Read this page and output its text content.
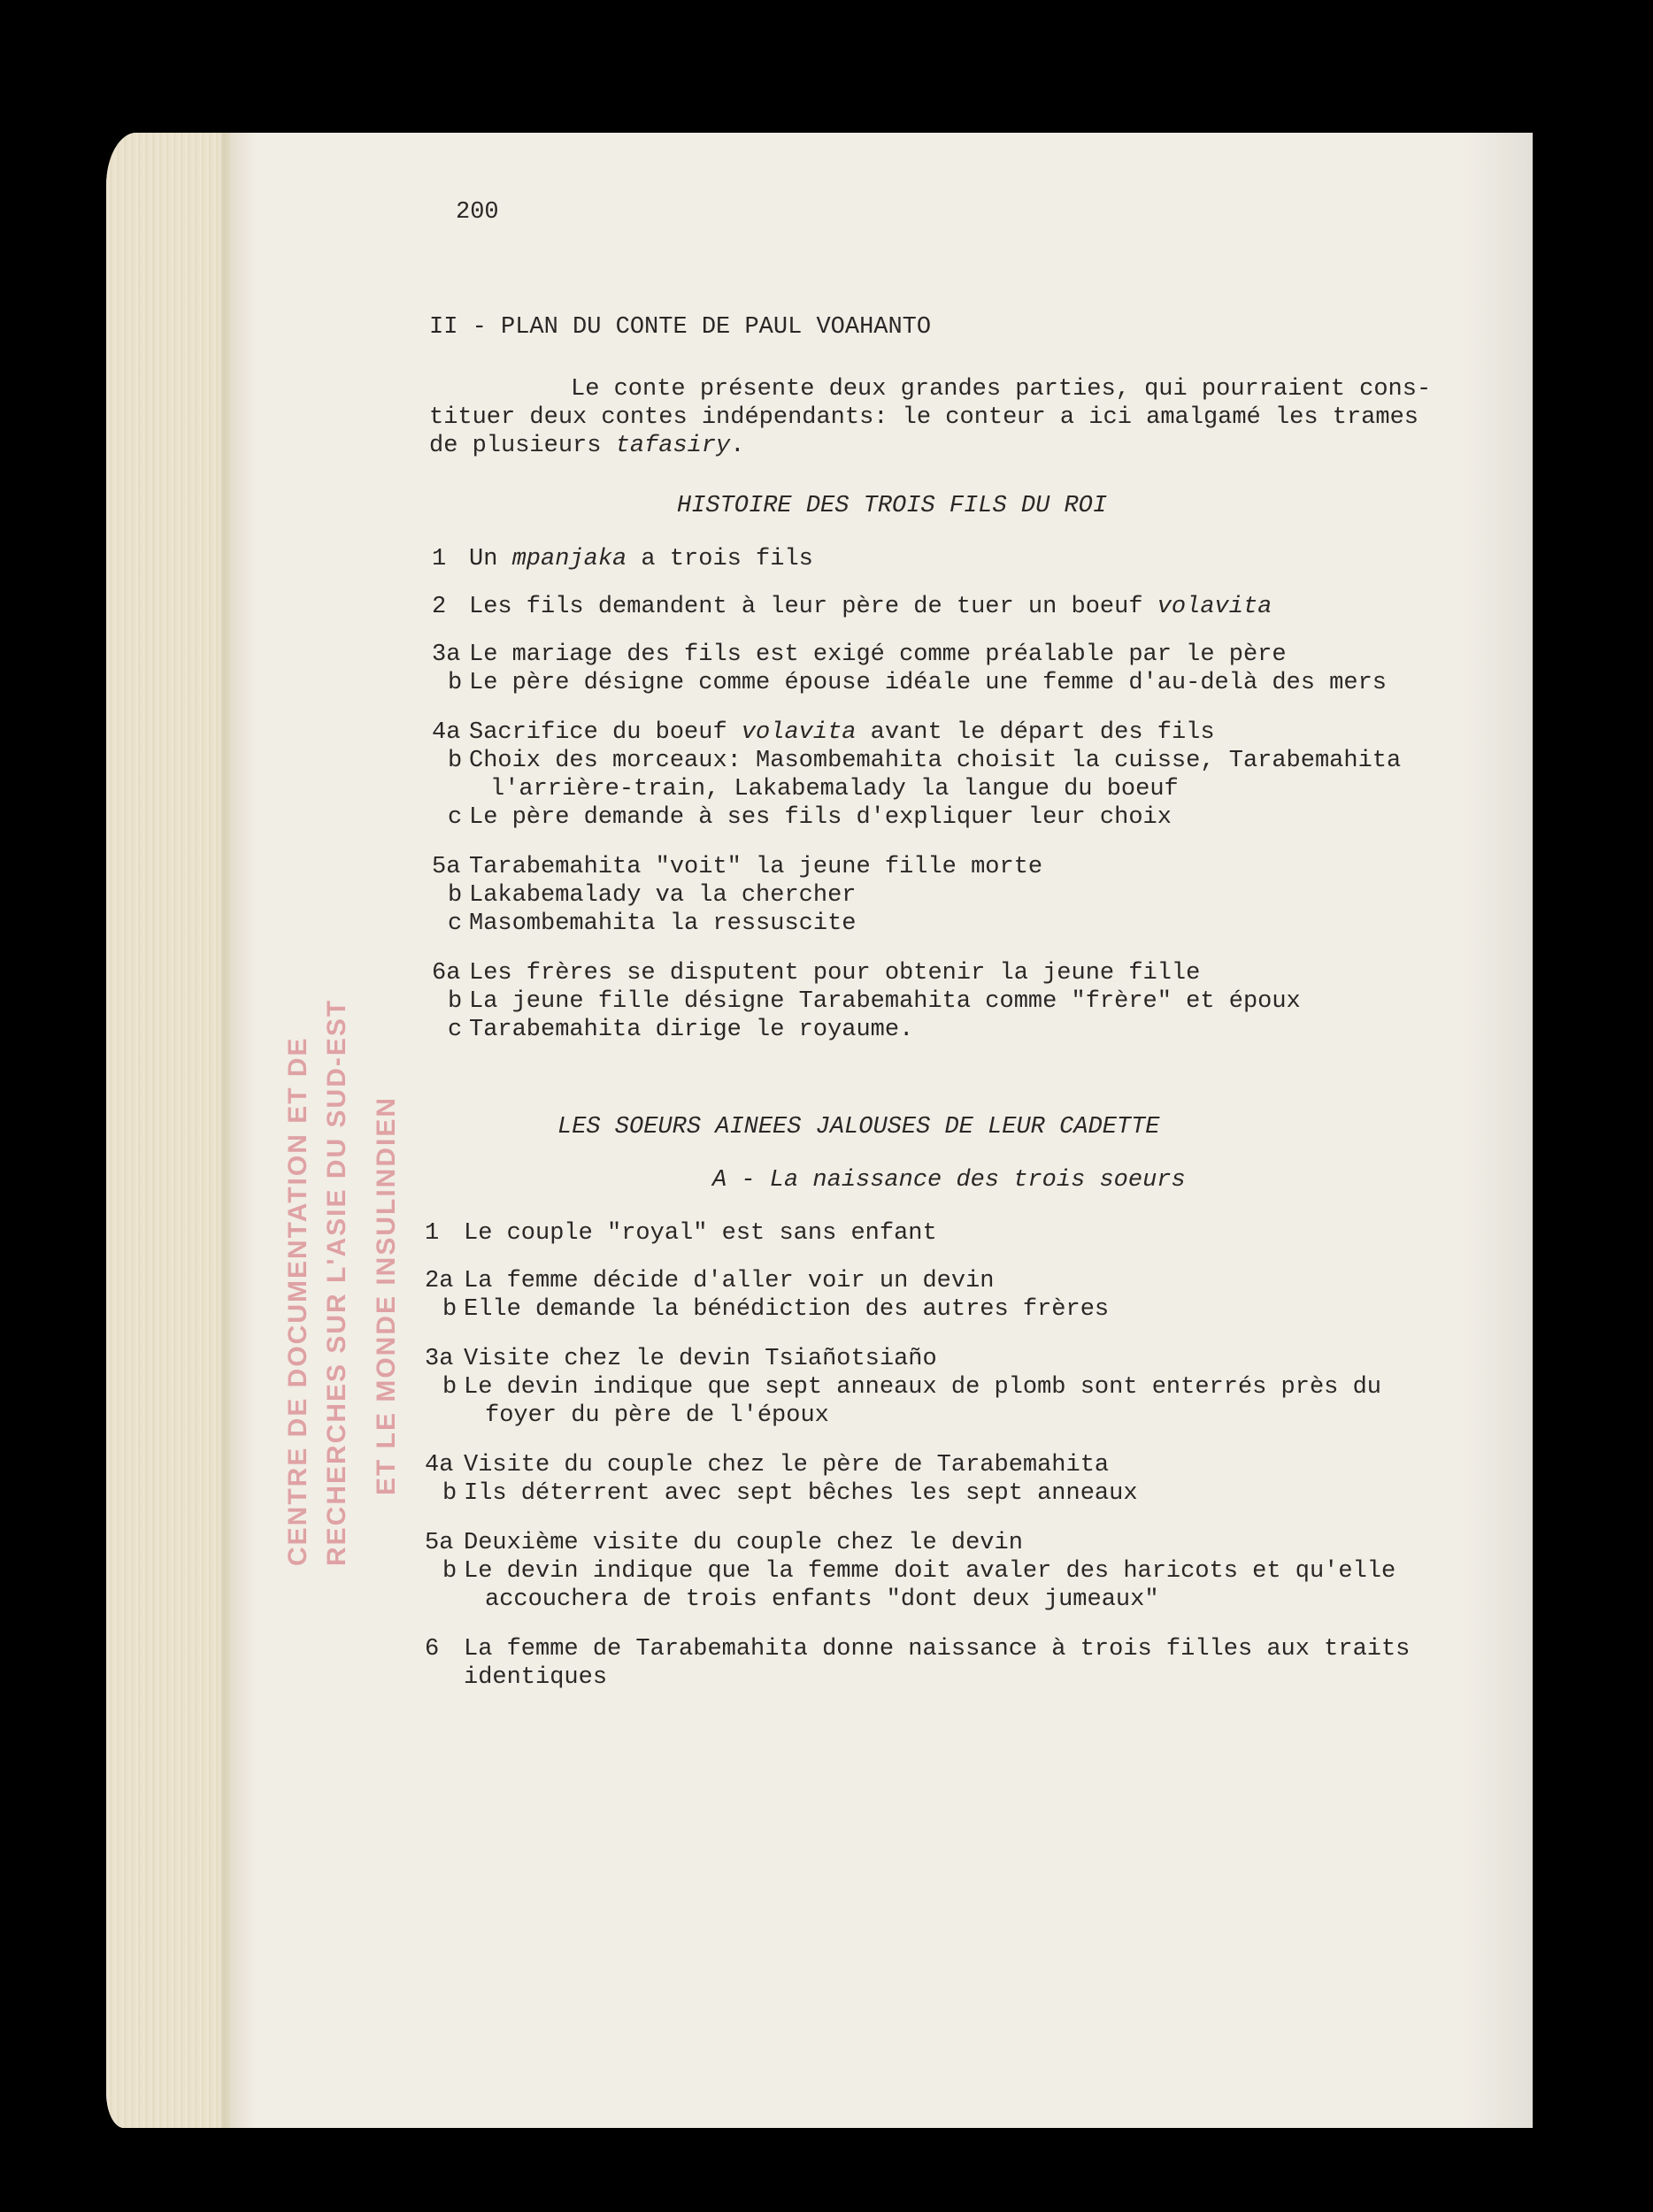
CENTRE DE DOCUMENTATION ET DE RECHERCHES SUR L'ASIE DU SUD-EST ET LE MONDE INSULINDIEN
200
II - PLAN DU CONTE DE PAUL VOAHANTO
Le conte présente deux grandes parties, qui pourraient cons-
tituer deux contes indépendants: le conteur a ici amalgamé les trames
de plusieurs tafasiry.
HISTOIRE DES TROIS FILS DU ROI
1 Un mpanjaka a trois fils
2 Les fils demandent à leur père de tuer un boeuf volavita
3a Le mariage des fils est exigé comme préalable par le père
b Le père désigne comme épouse idéale une femme d'au-delà des mers
4a Sacrifice du boeuf volavita avant le départ des fils
b Choix des morceaux: Masombemahita choisit la cuisse, Tarabemahita
l'arrière-train, Lakabemalady la langue du boeuf
c Le père demande à ses fils d'expliquer leur choix
5a Tarabemahita "voit" la jeune fille morte
b Lakabemalady va la chercher
c Masombemahita la ressuscite
6a Les frères se disputent pour obtenir la jeune fille
b La jeune fille désigne Tarabemahita comme "frère" et époux
c Tarabemahita dirige le royaume.
LES SOEURS AINEES JALOUSES DE LEUR CADETTE
A - La naissance des trois soeurs
1 Le couple "royal" est sans enfant
2a La femme décide d'aller voir un devin
b Elle demande la bénédiction des autres frères
3a Visite chez le devin Tsiañotsiaño
b Le devin indique que sept anneaux de plomb sont enterrés près du
foyer du père de l'époux
4a Visite du couple chez le père de Tarabemahita
b Ils déterrent avec sept bêches les sept anneaux
5a Deuxième visite du couple chez le devin
b Le devin indique que la femme doit avaler des haricots et qu'elle
accouchera de trois enfants "dont deux jumeaux"
6 La femme de Tarabemahita donne naissance à trois filles aux traits
identiques
